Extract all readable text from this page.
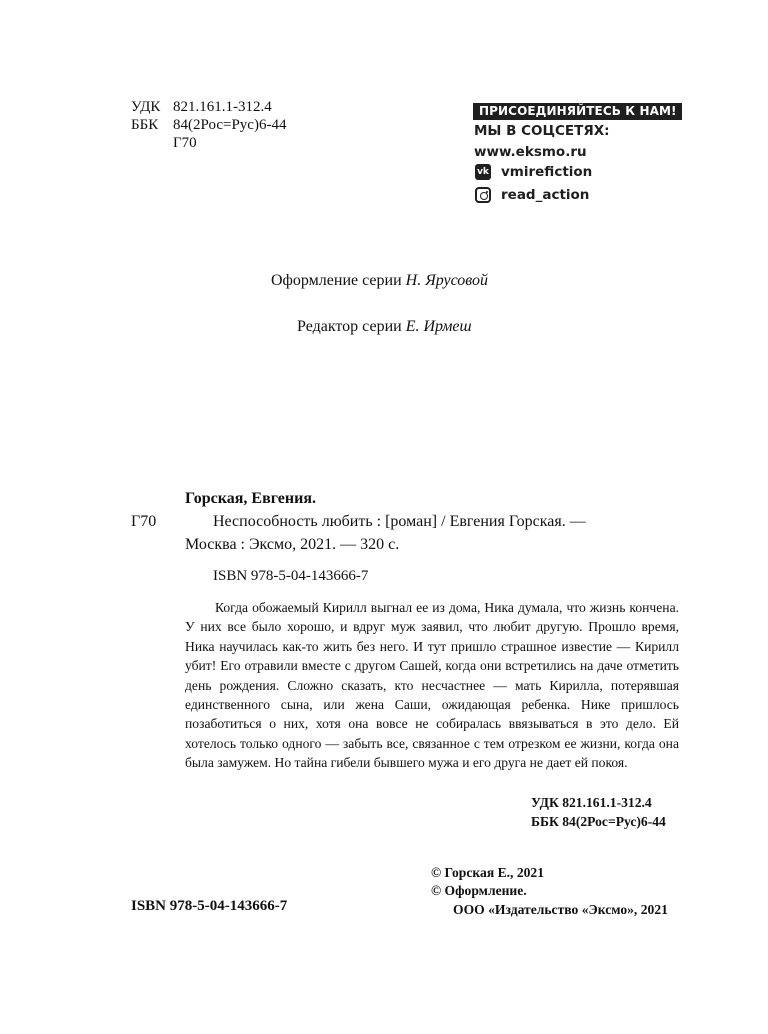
УДК 821.161.1-312.4
ББК 84(2Рос=Рус)6-44
Г70
ПРИСОЕДИНЯЙТЕСЬ К НАМ!
МЫ В СОЦСЕТЯХ:
www.eksmo.ru
vk vmirefiction
read_action
Оформление серии Н. Ярусовой
Редактор серии Е. Ирмеш
Горская, Евгения.
Г70	Неспособность любить : [роман] / Евгения Горская. —
Москва : Эксмо, 2021. — 320 с.
ISBN 978-5-04-143666-7

Когда обожаемый Кирилл выгнал ее из дома, Ника думала, что жизнь кончена. У них все было хорошо, и вдруг муж заявил, что любит другую. Прошло время, Ника научилась как-то жить без него. И тут пришло страшное известие — Кирилл убит! Его отравили вместе с другом Сашей, когда они встретились на даче отметить день рождения. Сложно сказать, кто несчастнее — мать Кирилла, потерявшая единственного сына, или жена Саши, ожидающая ребенка. Нике пришлось позаботиться о них, хотя она вовсе не собиралась ввязываться в это дело. Ей хотелось только одного — забыть все, связанное с тем отрезком ее жизни, когда она была замужем. Но тайна гибели бывшего мужа и его друга не дает ей покоя.

УДК 821.161.1-312.4
ББК 84(2Рос=Рус)6-44
© Горская Е., 2021
© Оформление.
ООО «Издательство «Эксмо», 2021
ISBN 978-5-04-143666-7
